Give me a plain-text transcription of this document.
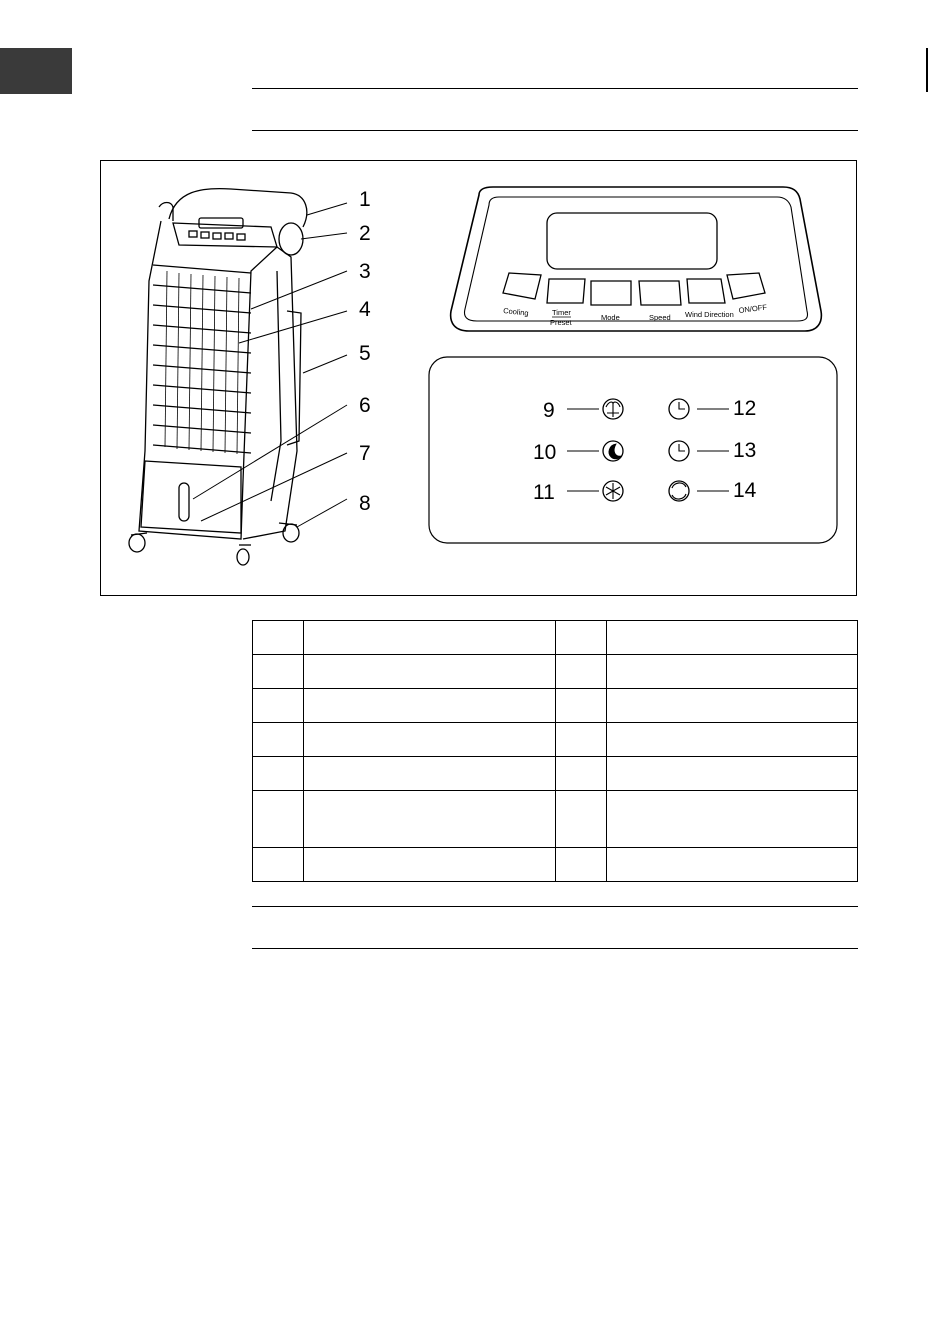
1
2
3
4
5
6
7
8
Cooling	Timer
Preset
Mode	Speed Wind Direction ON/OFF
9
10
11
12
13
14
